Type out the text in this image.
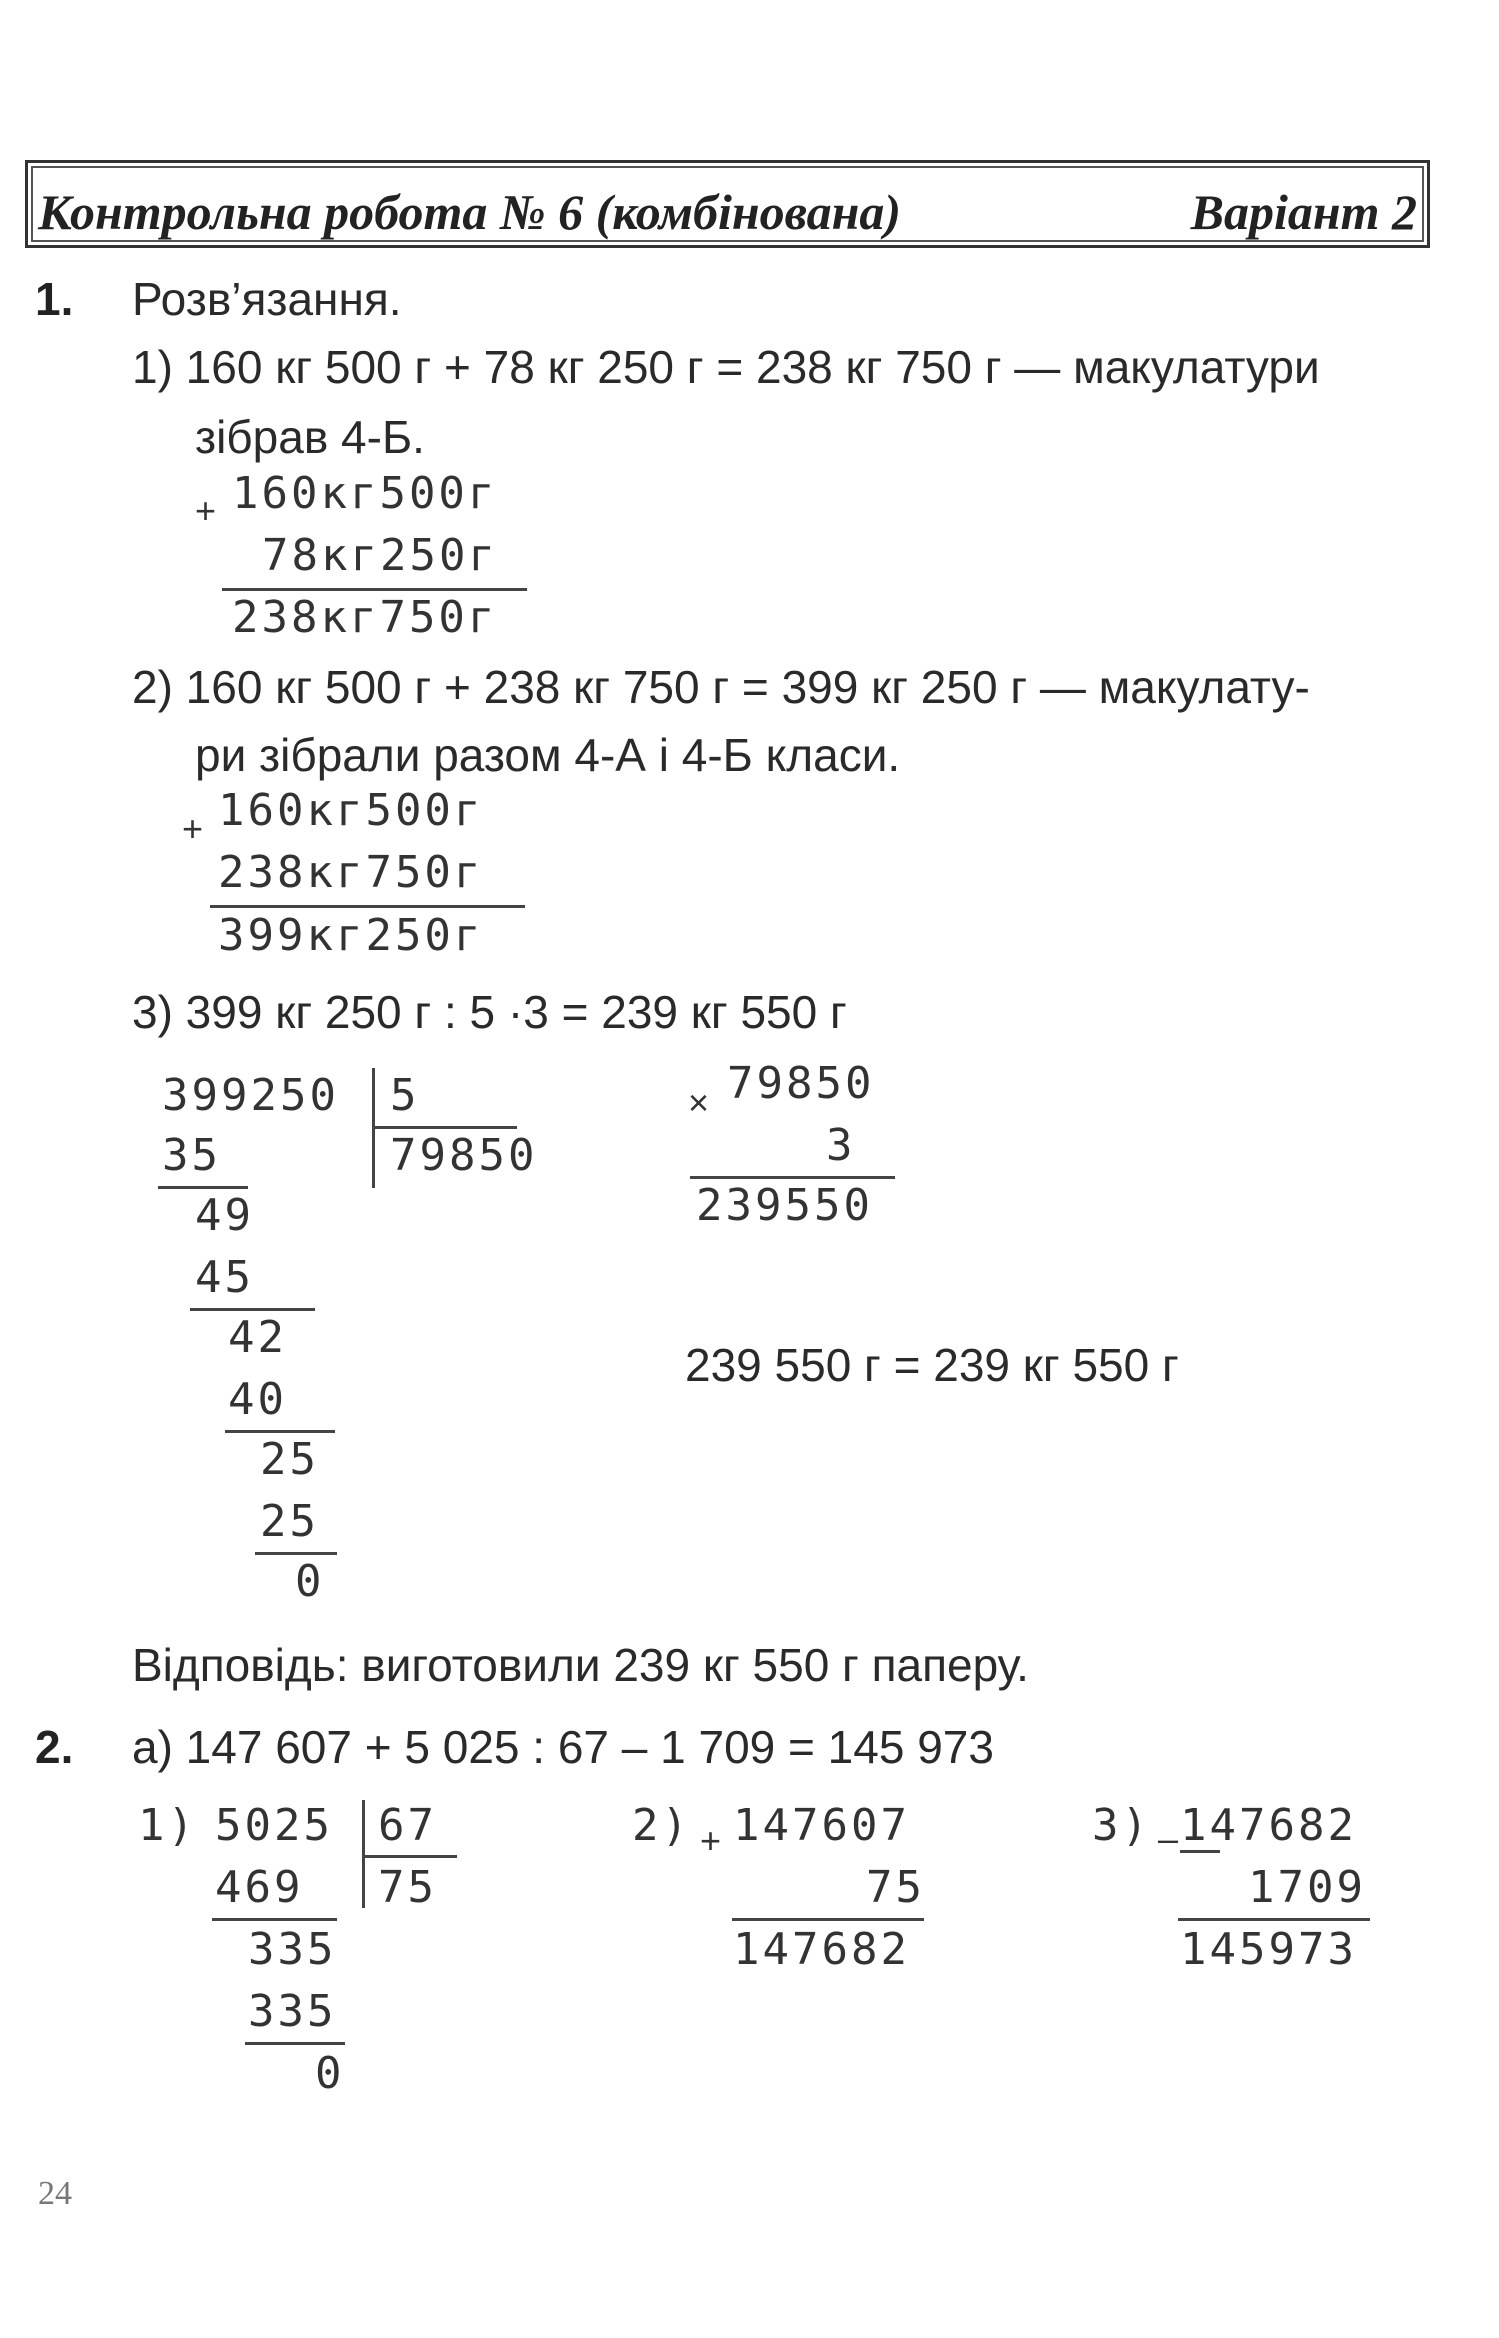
Контрольна робота № 6 (комбінована)	Варіант 2
1. Розв’язання.
1) 160 кг 500 г + 78 кг 250 г = 238 кг 750 г — макулатури
зібрав 4-Б.
+ 160кг500г
78кг250г
238кг750г
2) 160 кг 500 г + 238 кг 750 г = 399 кг 250 г — макулату-
ри зібрали разом 4-А і 4-Б класи.
+ 160кг500г
238кг750г
399кг250г
3) 399 кг 250 г : 5 ·3 = 239 кг 550 г
399250 5
79850
35
49
45
42
40
25
25
0
× 79850
3
239550
239 550 г = 239 кг 550 г
Відповідь: виготовили 239 кг 550 г паперу.
2. а) 147 607 + 5 025 : 67 – 1 709 = 145 973
1) 5025 67
75
469
335
335
0
2) + 147607
75
147682
3) – 147682
1709
145973
24
